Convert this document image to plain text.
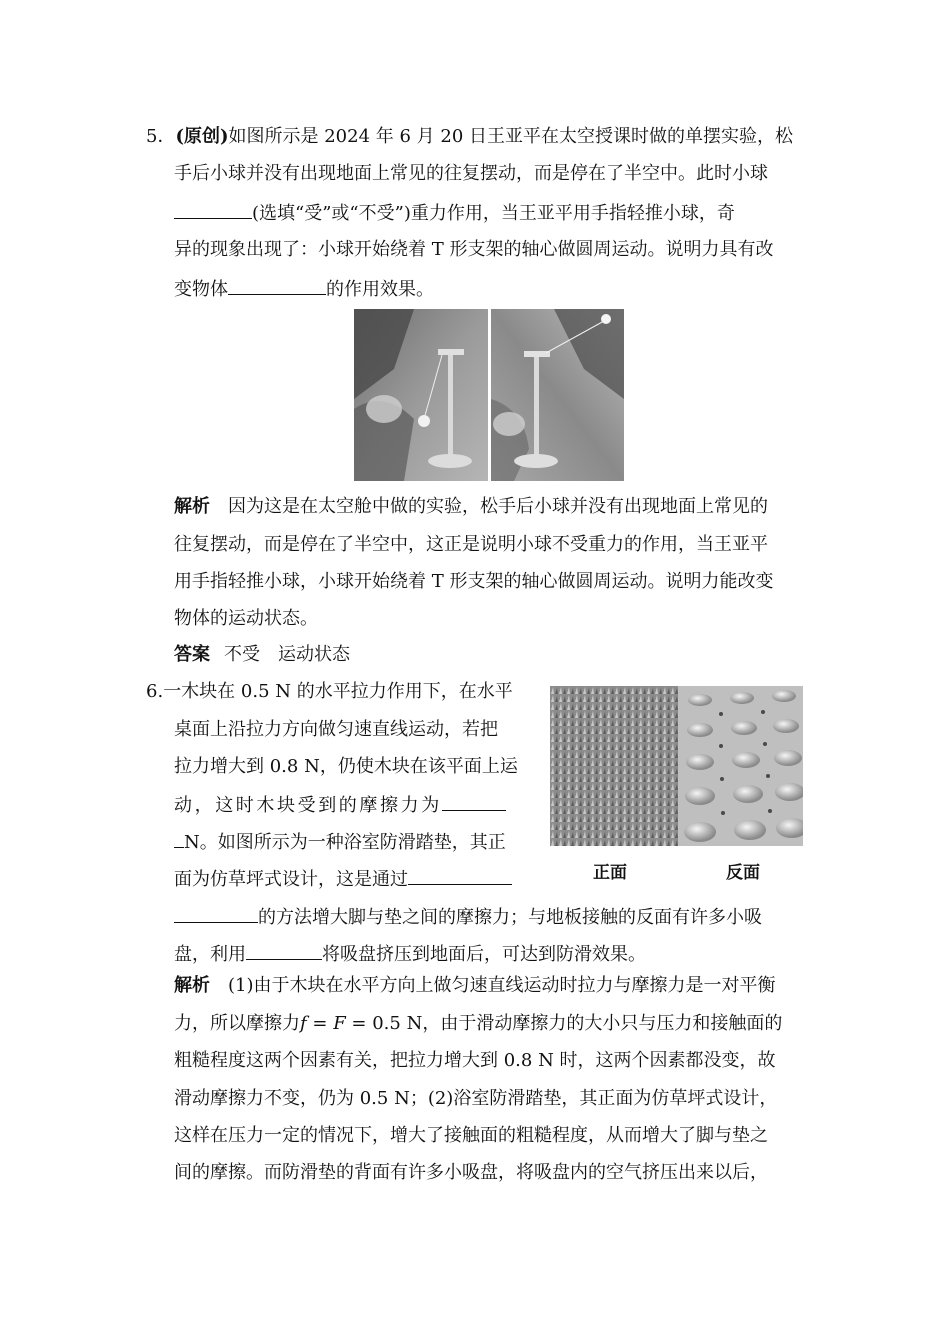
5．(原创)如图所示是 2024 年 6 月 20 日王亚平在太空授课时做的单摆实验，松
手后小球并没有出现地面上常见的往复摆动，而是停在了半空中。此时小球
(选填“受”或“不受”)重力作用，当王亚平用手指轻推小球，奇
异的现象出现了：小球开始绕着 T 形支架的轴心做圆周运动。说明力具有改
变物体	的作用效果。
解析 因为这是在太空舱中做的实验，松手后小球并没有出现地面上常见的
往复摆动，而是停在了半空中，这正是说明小球不受重力的作用，当王亚平
用手指轻推小球，小球开始绕着 T 形支架的轴心做圆周运动。说明力能改变
物体的运动状态。
答案 不受　运动状态
6.一木块在 0.5 N 的水平拉力作用下，在水平
桌面上沿拉力方向做匀速直线运动，若把
拉力增大到 0.8 N，仍使木块在该平面上运
动，这时木块受到的摩擦力为
N。如图所示为一种浴室防滑踏垫，其正
面为仿草坪式设计，这是通过
的方法增大脚与垫之间的摩擦力；与地板接触的反面有许多小吸
盘，利用	将吸盘挤压到地面后，可达到防滑效果。
正面	反面
解析 (1)由于木块在水平方向上做匀速直线运动时拉力与摩擦力是一对平衡
力，所以摩擦力f = F = 0.5 N，由于滑动摩擦力的大小只与压力和接触面的
粗糙程度这两个因素有关，把拉力增大到 0.8 N 时，这两个因素都没变，故
滑动摩擦力不变，仍为 0.5 N；(2)浴室防滑踏垫，其正面为仿草坪式设计，
这样在压力一定的情况下，增大了接触面的粗糙程度，从而增大了脚与垫之
间的摩擦。而防滑垫的背面有许多小吸盘，将吸盘内的空气挤压出来以后，
